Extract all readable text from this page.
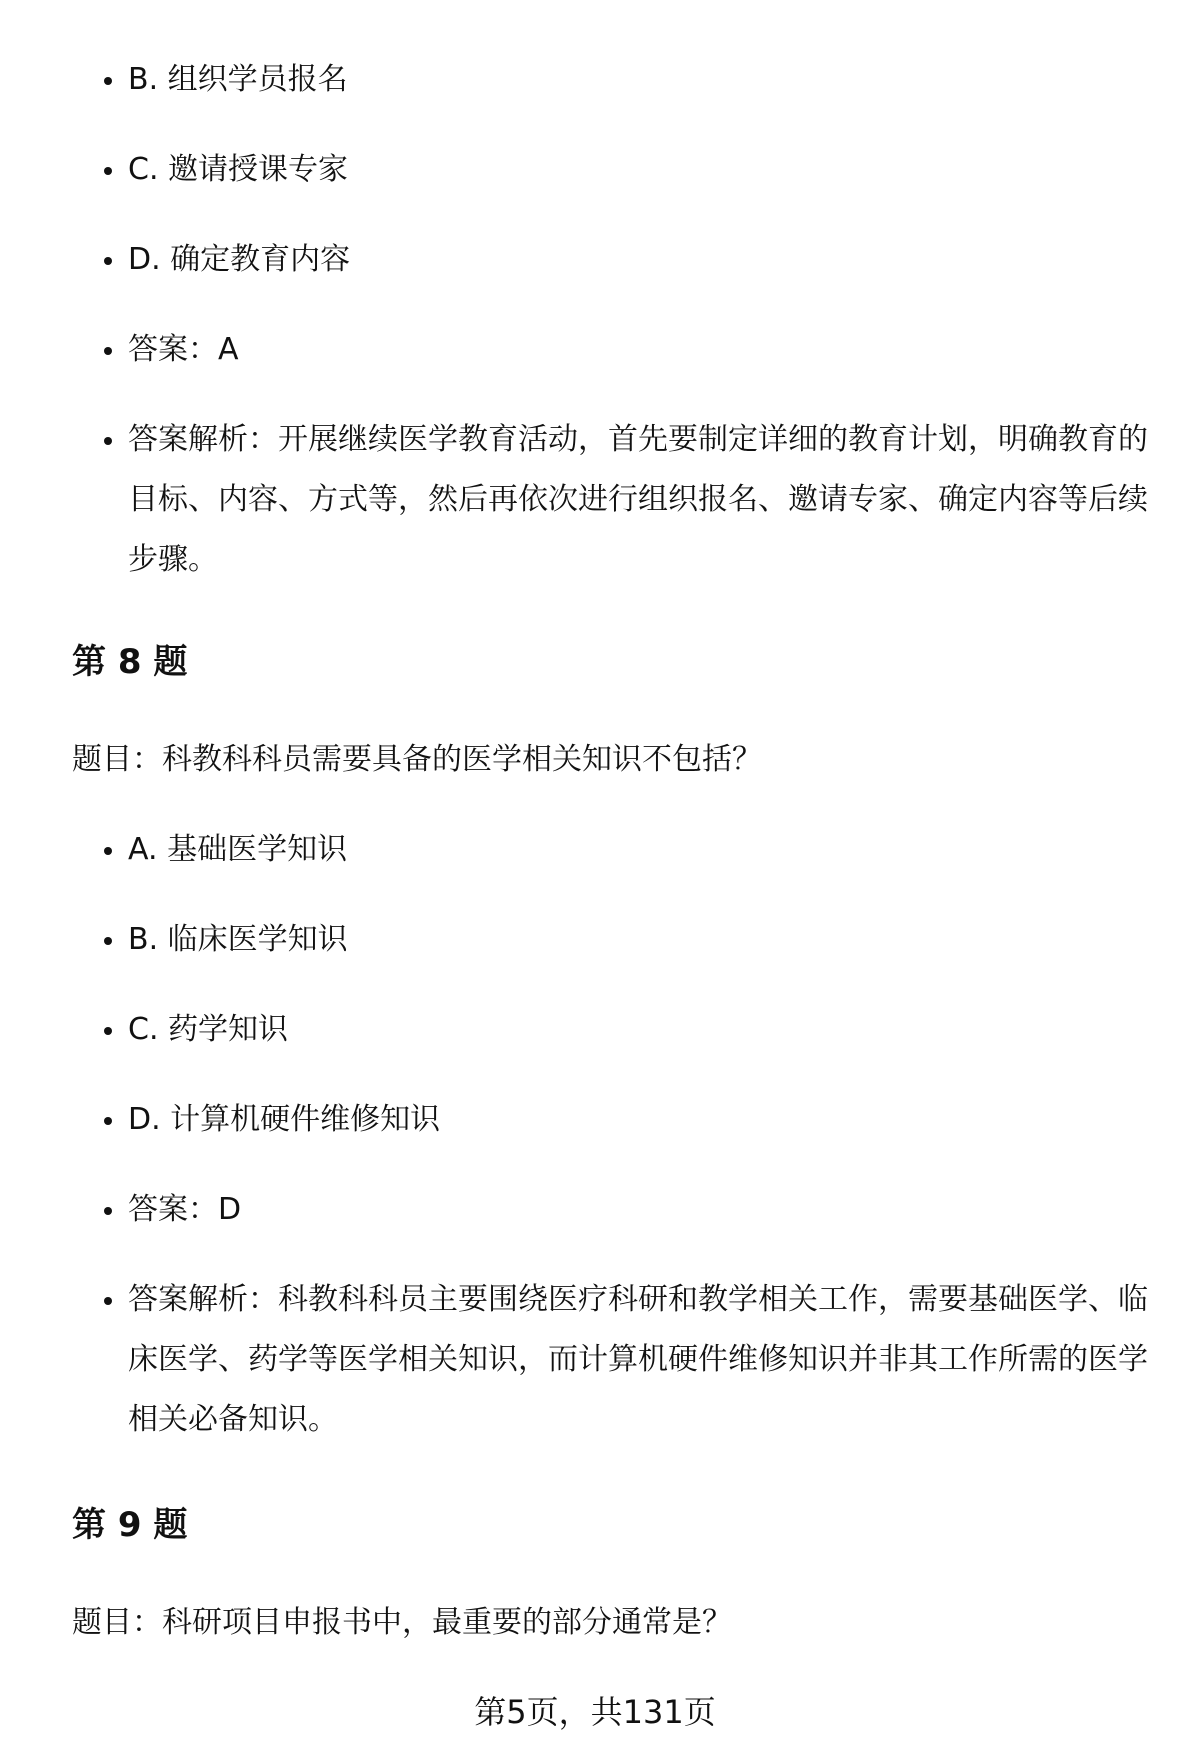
B. 组织学员报名
C. 邀请授课专家
D. 确定教育内容
答案：A
答案解析：开展继续医学教育活动，首先要制定详细的教育计划，明确教育的目标、内容、方式等，然后再依次进行组织报名、邀请专家、确定内容等后续步骤。
第 8 题

题目：科教科科员需要具备的医学相关知识不包括？

A. 基础医学知识
B. 临床医学知识
C. 药学知识
D. 计算机硬件维修知识
答案：D
答案解析：科教科科员主要围绕医疗科研和教学相关工作，需要基础医学、临床医学、药学等医学相关知识，而计算机硬件维修知识并非其工作所需的医学相关必备知识。
第 9 题

题目：科研项目申报书中，最重要的部分通常是？

第5页，共131页
